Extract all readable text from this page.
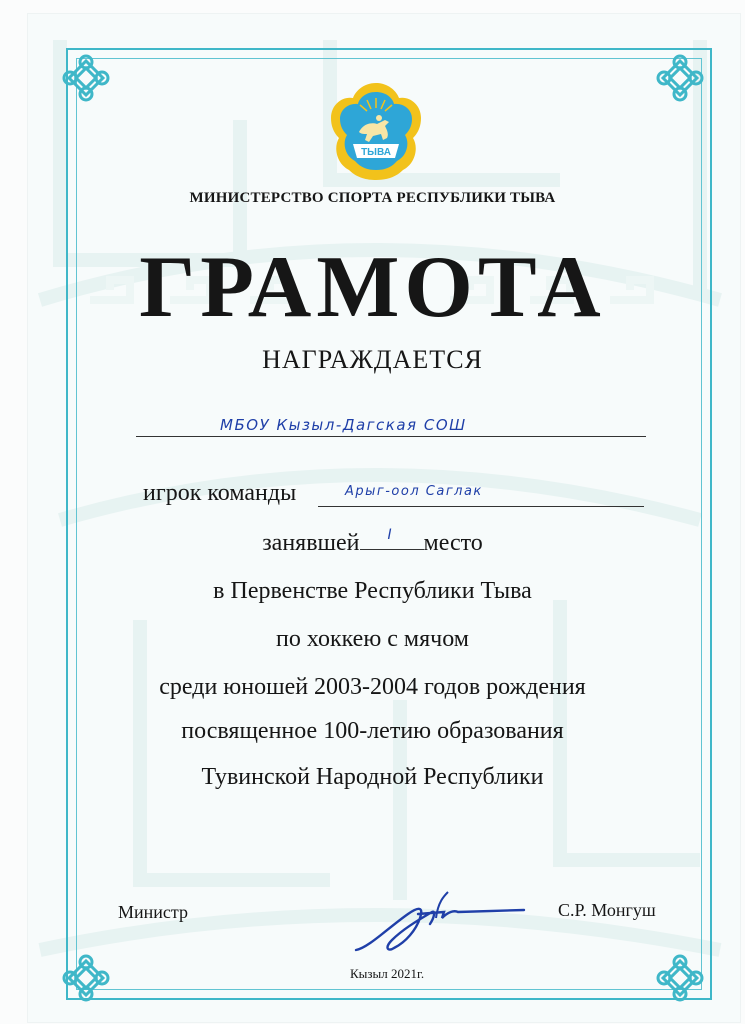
ТЫВА
МИНИСТЕРСТВО СПОРТА РЕСПУБЛИКИ ТЫВА
ГРАМОТА
НАГРАЖДАЕТСЯ
МБОУ Кызыл-Дагская СОШ
игрок команды	Арыг-оол Саглак
занявшей I место
в Первенстве Республики Тыва
по хоккею с мячом
среди юношей 2003-2004 годов рождения
посвященное 100-летию образования
Тувинской Народной Республики
Министр	С.Р. Монгуш
Кызыл 2021г.
